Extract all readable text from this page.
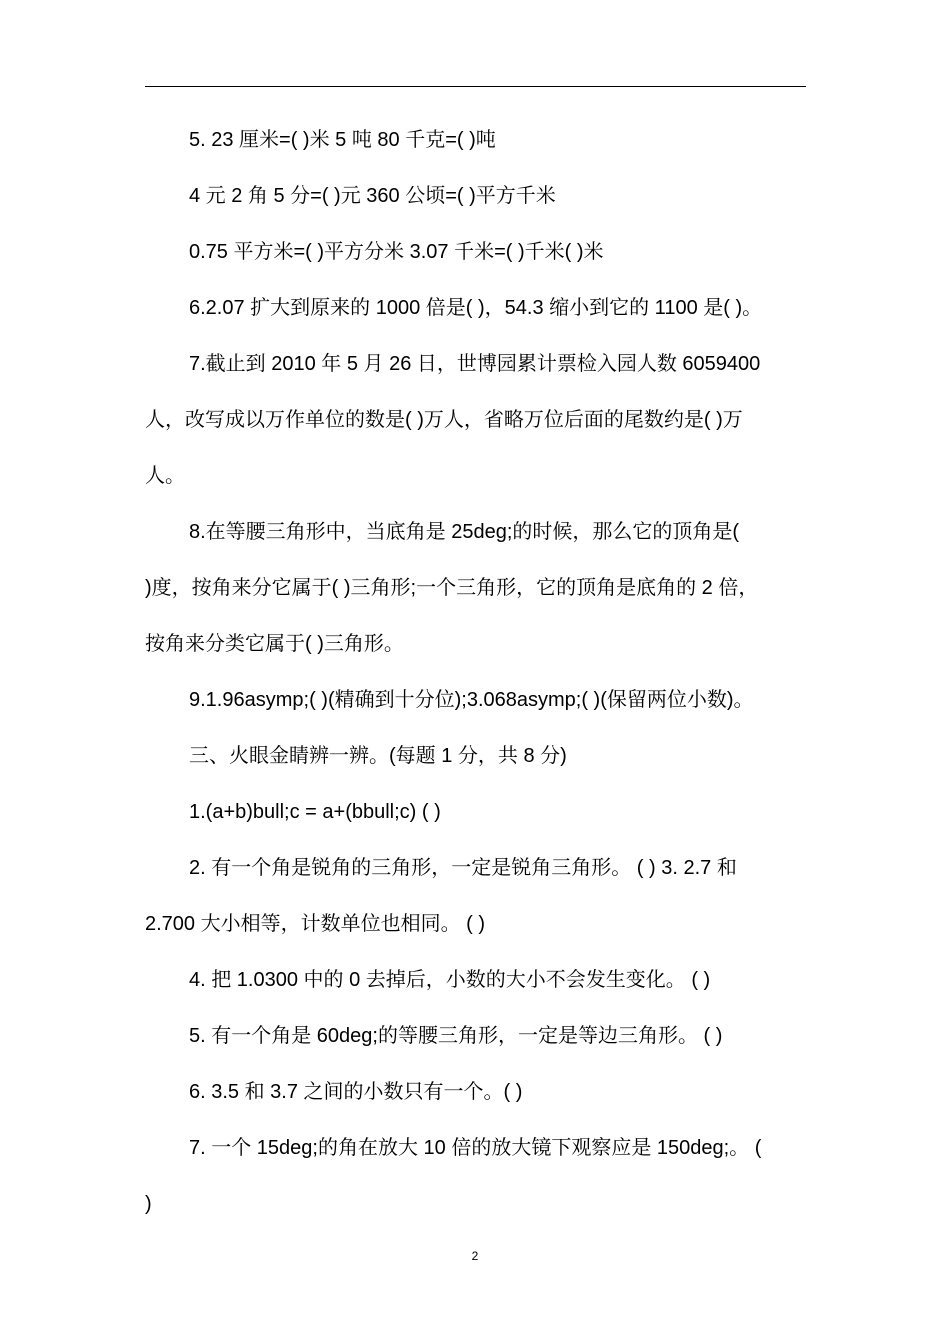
5. 23 厘米=( )米 5 吨 80 千克=( )吨
4 元 2 角 5 分=( )元 360 公顷=( )平方千米
0.75 平方米=( )平方分米 3.07 千米=( )千米( )米
6.2.07 扩大到原来的 1000 倍是( )，54.3 缩小到它的 1100 是( )。
7.截止到 2010 年 5 月 26 日，世博园累计票检入园人数 6059400
人，改写成以万作单位的数是( )万人，省略万位后面的尾数约是( )万
人。
8.在等腰三角形中，当底角是 25deg;的时候，那么它的顶角是(
)度，按角来分它属于( )三角形;一个三角形，它的顶角是底角的 2 倍，
按角来分类它属于( )三角形。
9.1.96asymp;( )(精确到十分位);3.068asymp;( )(保留两位小数)。
三、火眼金睛辨一辨。(每题 1 分，共 8 分)
1.(a+b)bull;c = a+(bbull;c) ( )
2. 有一个角是锐角的三角形，一定是锐角三角形。 ( ) 3. 2.7 和
2.700 大小相等，计数单位也相同。 ( )
4. 把 1.0300 中的 0 去掉后，小数的大小不会发生变化。 ( )
5. 有一个角是 60deg;的等腰三角形，一定是等边三角形。 ( )
6. 3.5 和 3.7 之间的小数只有一个。( )
7. 一个 15deg;的角在放大 10 倍的放大镜下观察应是 150deg;。 (
)
2
